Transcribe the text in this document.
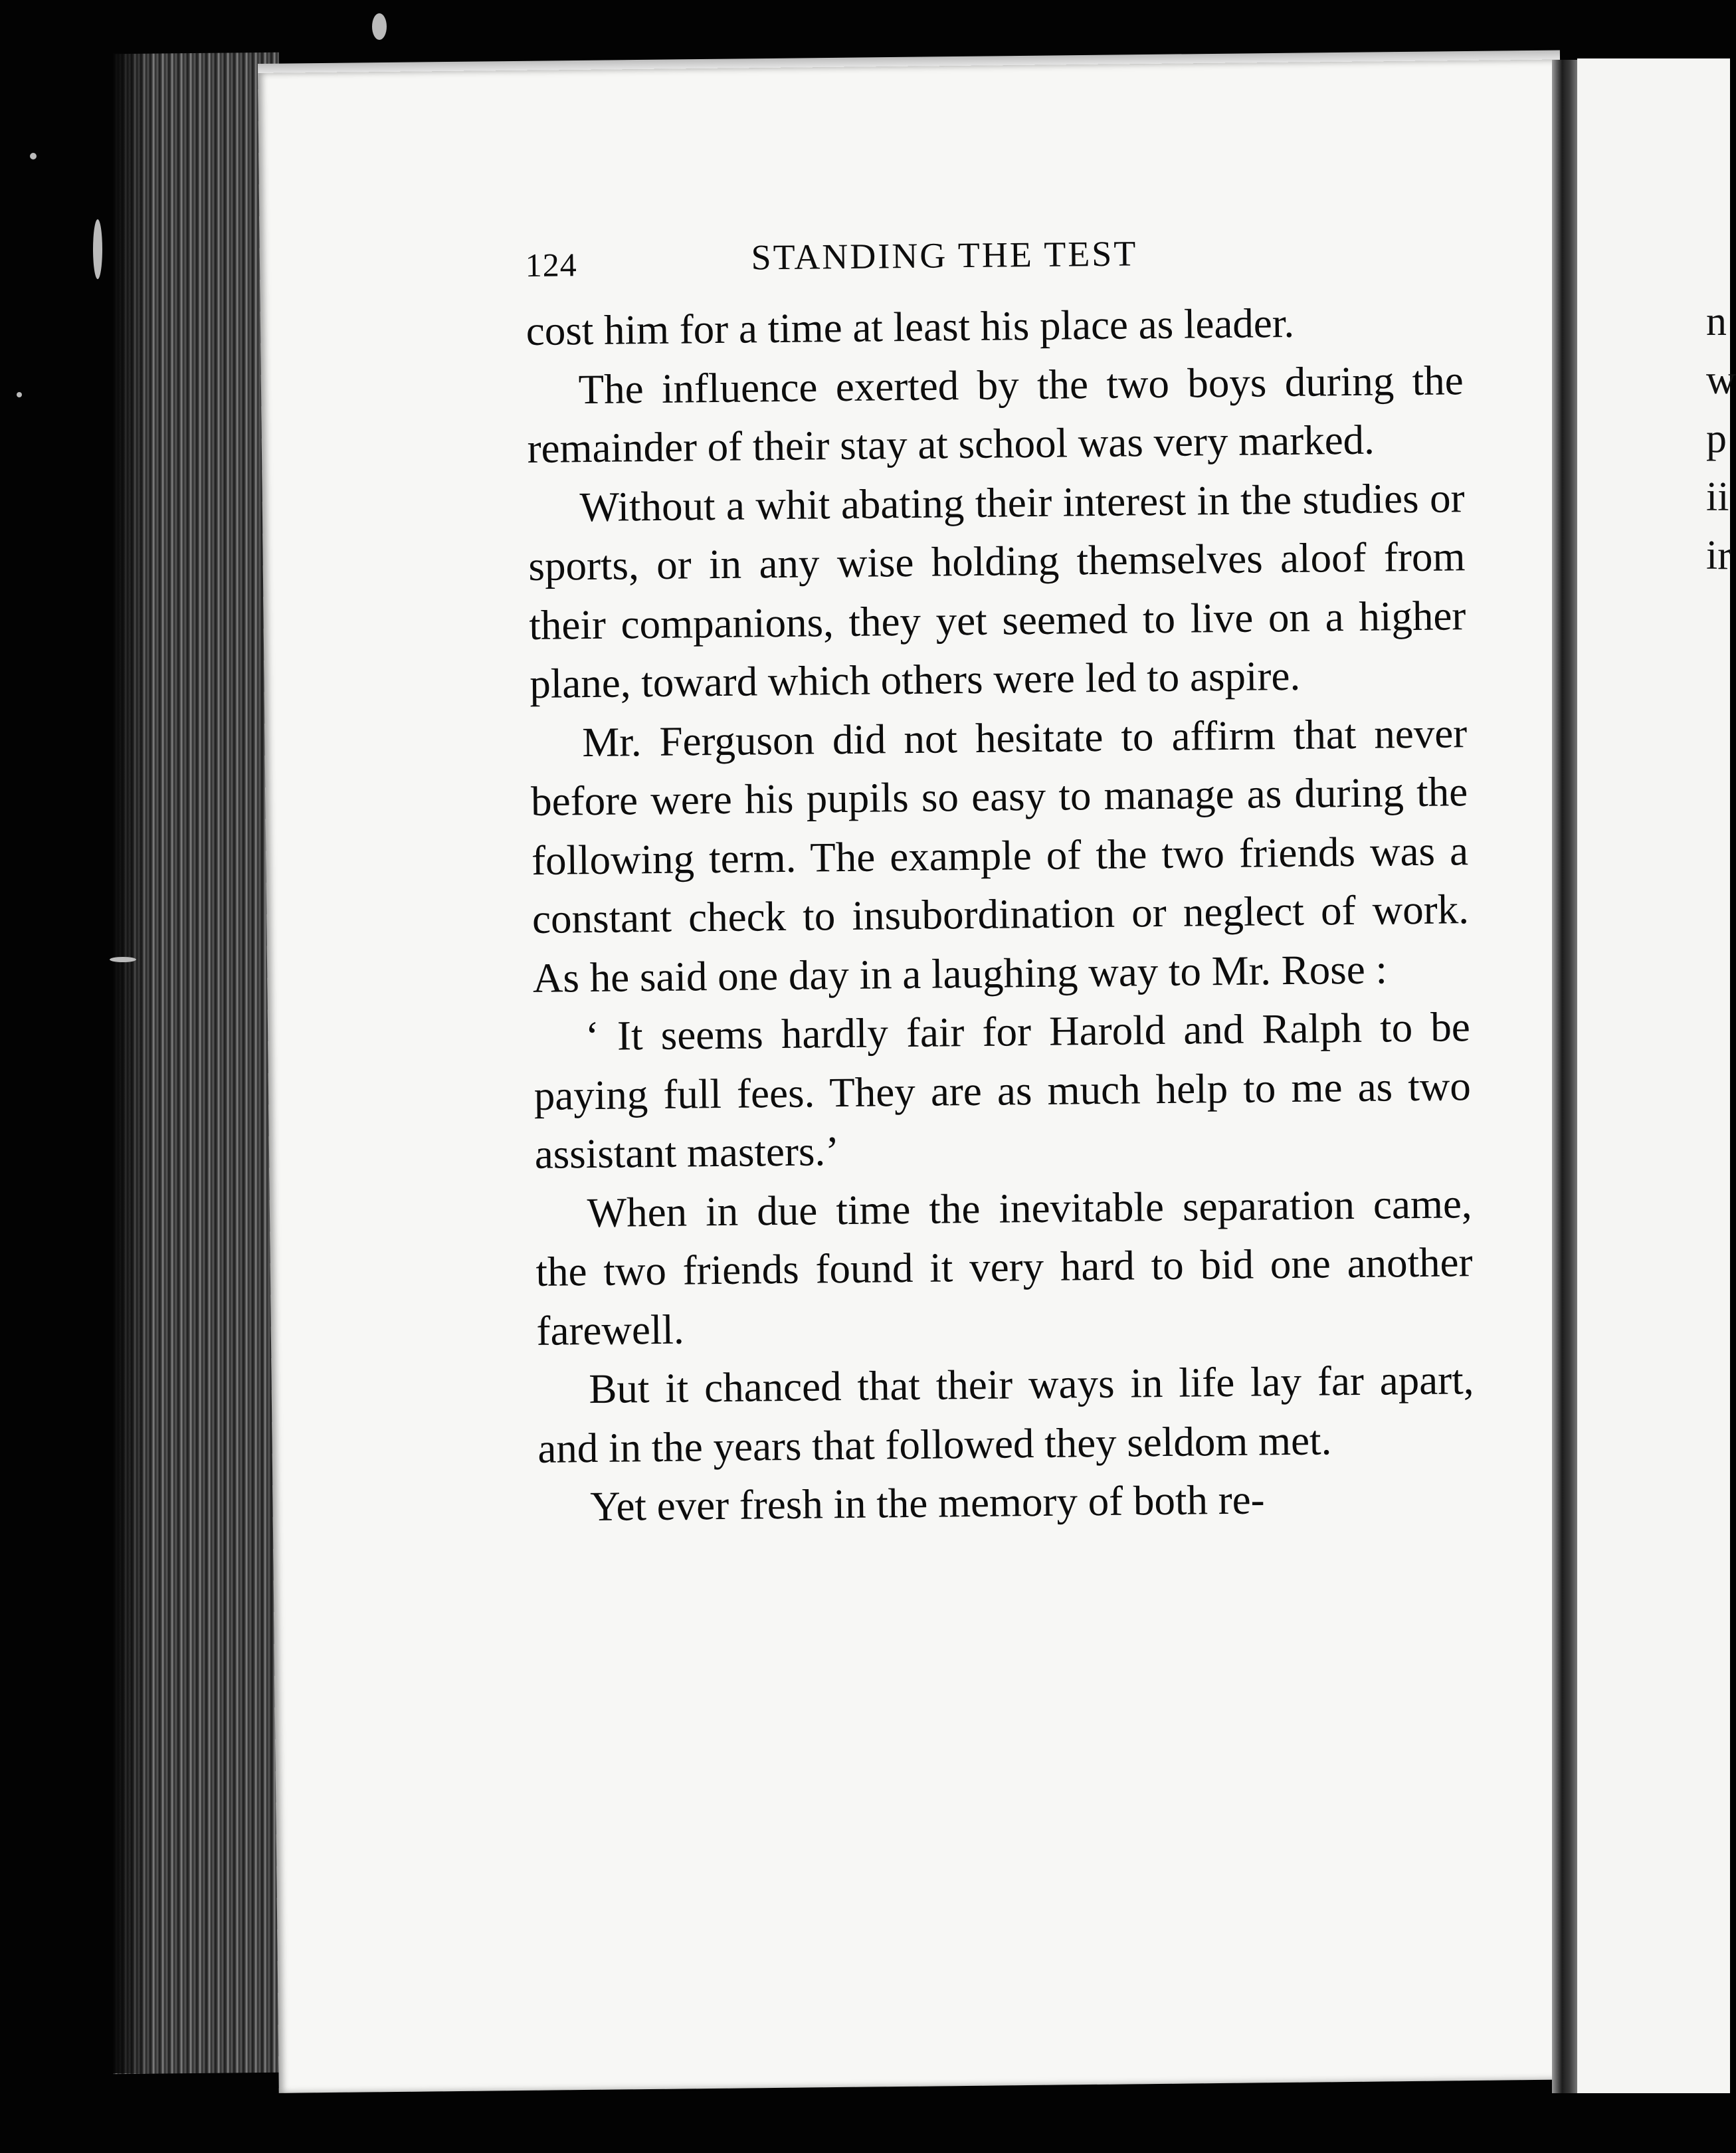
n
w
p
ii
ir
124	STANDING THE TEST

cost him for a time at least his place as leader.

The influence exerted by the two boys during the remainder of their stay at school was very marked.

Without a whit abating their interest in the studies or sports, or in any wise holding themselves aloof from their companions, they yet seemed to live on a higher plane, toward which others were led to aspire.

Mr. Ferguson did not hesitate to affirm that never before were his pupils so easy to manage as during the following term. The example of the two friends was a constant check to insubordination or neglect of work. As he said one day in a laughing way to Mr. Rose :

‘ It seems hardly fair for Harold and Ralph to be paying full fees. They are as much help to me as two assistant masters.’

When in due time the inevitable separation came, the two friends found it very hard to bid one another farewell.

But it chanced that their ways in life lay far apart, and in the years that followed they seldom met.

Yet ever fresh in the memory of both re-
